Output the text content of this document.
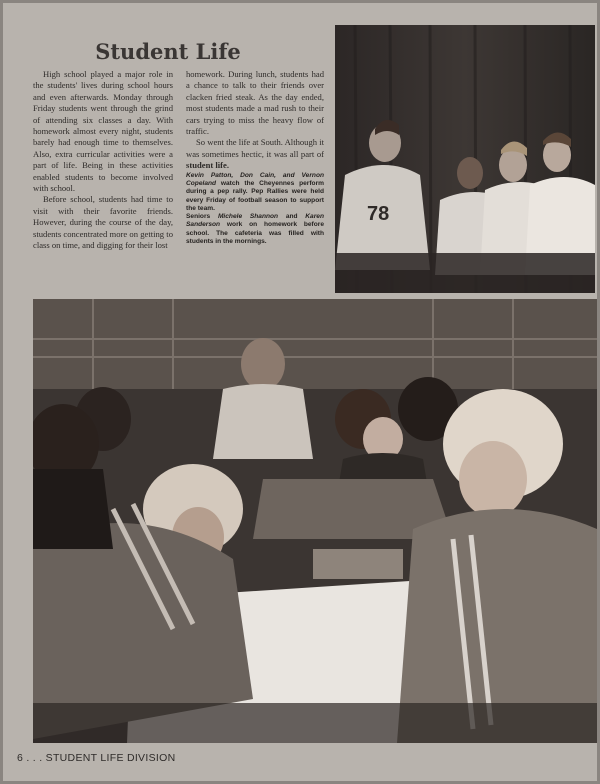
Student Life

High school played a major role in the students' lives during school hours and even afterwards. Monday through Friday students went through the grind of attending six classes a day. With homework almost every night, students barely had enough time to themselves. Also, extra curricular activities were a part of life. Being in these activities enabled students to become involved with school.

Before school, students had time to visit with their favorite friends. However, during the course of the day, students concentrated more on getting to class on time, and digging for their lost

homework. During lunch, students had a chance to talk to their friends over clacken fried steak. As the day ended, most students made a mad rush to their cars trying to miss the heavy flow of traffic.

So went the life at South. Although it was sometimes hectic, it was all part of student life.

Kevin Patton, Don Cain, and Vernon Copeland watch the Cheyennes perform during a pep rally. Pep Rallies were held every Friday of football season to support the team.

Seniors Michele Shannon and Karen Sanderson work on homework before school. The cafeteria was filled with students in the mornings.

78
6 . . . STUDENT LIFE DIVISION
